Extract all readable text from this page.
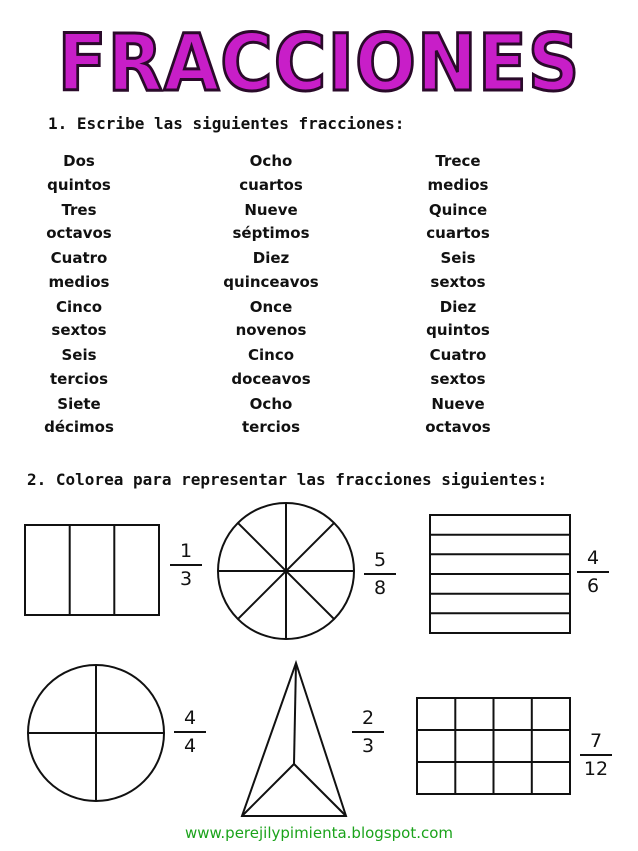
FRACCIONES
1. Escribe las siguientes fracciones:
Dos
quintos
Tres
octavos
Cuatro
medios
Cinco
sextos
Seis
tercios
Siete
décimos
Ocho
cuartos
Nueve
séptimos
Diez
quinceavos
Once
novenos
Cinco
doceavos
Ocho
tercios
Trece
medios
Quince
cuartos
Seis
sextos
Diez
quintos
Cuatro
sextos
Nueve
octavos
2. Colorea para representar las fracciones siguientes:
1
3
5
8
4
6
4
4
2
3	7
12
www.perejilypimienta.blogspot.com
